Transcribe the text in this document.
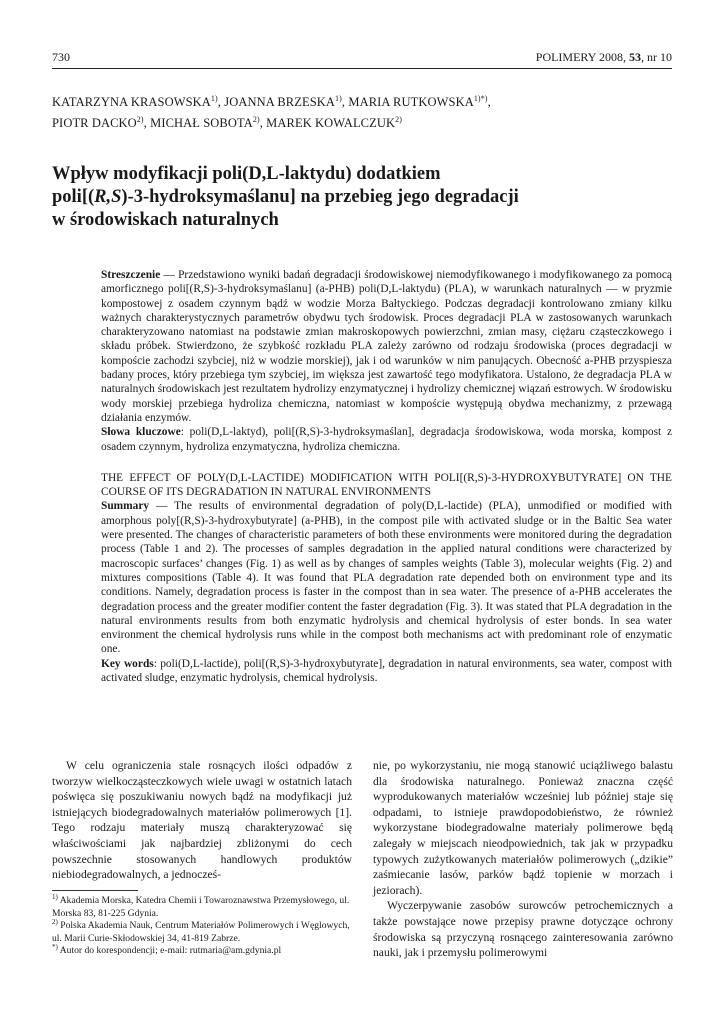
730	POLIMERY 2008, 53, nr 10
KATARZYNA KRASOWSKA$^{1)}$, JOANNA BRZESKA$^{1)}$, MARIA $RUTKOWSKA^{1)*)}$,
PIOTR DACKO$^{2)}$, MICHAŁ SOBOTA$^{2)}$, MAREK KOWALCZUK$^{2)}$
Wpływ modyfikacji poli(D,L-laktydu) dodatkiem
poli[(R,S)-3-hydroksymaślanu] na przebieg jego degradacji
w środowiskach naturalnych

Streszczenie — Przedstawiono wyniki badań degradacji środowiskowej niemodyfikowanego i modyfikowanego za pomocą amorficznego poli[(R,S)-3-hydroksymaślanu] (a-PHB) poli(D,L-laktydu) (PLA), w warunkach naturalnych — w pryzmie kompostowej z osadem czynnym bądź w wodzie Morza Bałtyckiego. Podczas degradacji kontrolowano zmiany kilku ważnych charakterystycznych parametrów obydwu tych środowisk. Proces degradacji PLA w zastosowanych warunkach charakteryzowano natomiast na podstawie zmian makroskopowych powierzchni, zmian masy, ciężaru cząsteczkowego i składu próbek. Stwierdzono, że szybkość rozkładu PLA zależy zarówno od rodzaju środowiska (proces degradacji w kompoście zachodzi szybciej, niż w wodzie morskiej), jak i od warunków w nim panujących. Obecność a-PHB przyspiesza badany proces, który przebiega tym szybciej, im większa jest zawartość tego modyfikatora. Ustalono, że degradacja PLA w naturalnych środowiskach jest rezultatem hydrolizy enzymatycznej i hydrolizy chemicznej wiązań estrowych. W środowisku wody morskiej przebiega hydroliza chemiczna, natomiast w kompoście występują obydwa mechanizmy, z przewagą działania enzymów.

Słowa kluczowe: poli(D,L-laktyd), poli[(R,S)-3-hydroksymaślan], degradacja środowiskowa, woda morska, kompost z osadem czynnym, hydroliza enzymatyczna, hydroliza chemiczna.

THE EFFECT OF POLY(D,L-LACTIDE) MODIFICATION WITH POLI[(R,S)-3-HYDROXYBUTYRATE] ON THE COURSE OF ITS DEGRADATION IN NATURAL ENVIRONMENTS

Summary — The results of environmental degradation of poly(D,L-lactide) (PLA), unmodified or modified with amorphous poly[(R,S)-3-hydroxybutyrate] (a-PHB), in the compost pile with activated sludge or in the Baltic Sea water were presented. The changes of characteristic parameters of both these environments were monitored during the degradation process (Table 1 and 2). The processes of samples degradation in the applied natural conditions were characterized by macroscopic surfaces’ changes (Fig. 1) as well as by changes of samples weights (Table 3), molecular weights (Fig. 2) and mixtures compositions (Table 4). It was found that PLA degradation rate depended both on environment type and its conditions. Namely, degradation process is faster in the compost than in sea water. The presence of a-PHB accelerates the degradation process and the greater modifier content the faster degradation (Fig. 3). It was stated that PLA degradation in the natural environments results from both enzymatic hydrolysis and chemical hydrolysis of ester bonds. In sea water environment the chemical hydrolysis runs while in the compost both mechanisms act with predominant role of enzymatic one.

Key words: poli(D,L-lactide), poli[(R,S)-3-hydroxybutyrate], degradation in natural environments, sea water, compost with activated sludge, enzymatic hydrolysis, chemical hydrolysis.

W celu ograniczenia stale rosnących ilości odpadów z tworzyw wielkocząsteczkowych wiele uwagi w ostatnich latach poświęca się poszukiwaniu nowych bądź na modyfikacji już istniejących biodegradowalnych materiałów polimerowych [1]. Tego rodzaju materiały muszą charakteryzować się właściwościami jak najbardziej zbliżonymi do cech powszechnie stosowanych handlowych produktów niebiodegradowalnych, a jednocześ-

$^{1)}$ Akademia Morska, Katedra Chemii i Towaroznawstwa Przemysłowego, ul. Morska 83, 81-225 Gdynia.

$^{2)}$ Polska Akademia Nauk, Centrum Materiałów Polimerowych i Węglowych, ul. Marii Curie-Skłodowskiej 34, 41-819 Zabrze.

*) Autor do korespondencji; e-mail: rutmaria@am.gdynia.pl

nie, po wykorzystaniu, nie mogą stanowić uciążliwego balastu dla środowiska naturalnego. Ponieważ znaczna część wyprodukowanych materiałów wcześniej lub później staje się odpadami, to istnieje prawdopodobieństwo, że również wykorzystane biodegradowalne materiały polimerowe będą zalegały w miejscach nieodpowiednich, tak jak w przypadku typowych zużytkowanych materiałów polimerowych („dzikie” zaśmiecanie lasów, parków bądź topienie w morzach i jeziorach).

Wyczerpywanie zasobów surowców petrochemicznych a także powstające nowe przepisy prawne dotyczące ochrony środowiska są przyczyną rosnącego zainteresowania zarówno nauki, jak i przemysłu polimerowymi
